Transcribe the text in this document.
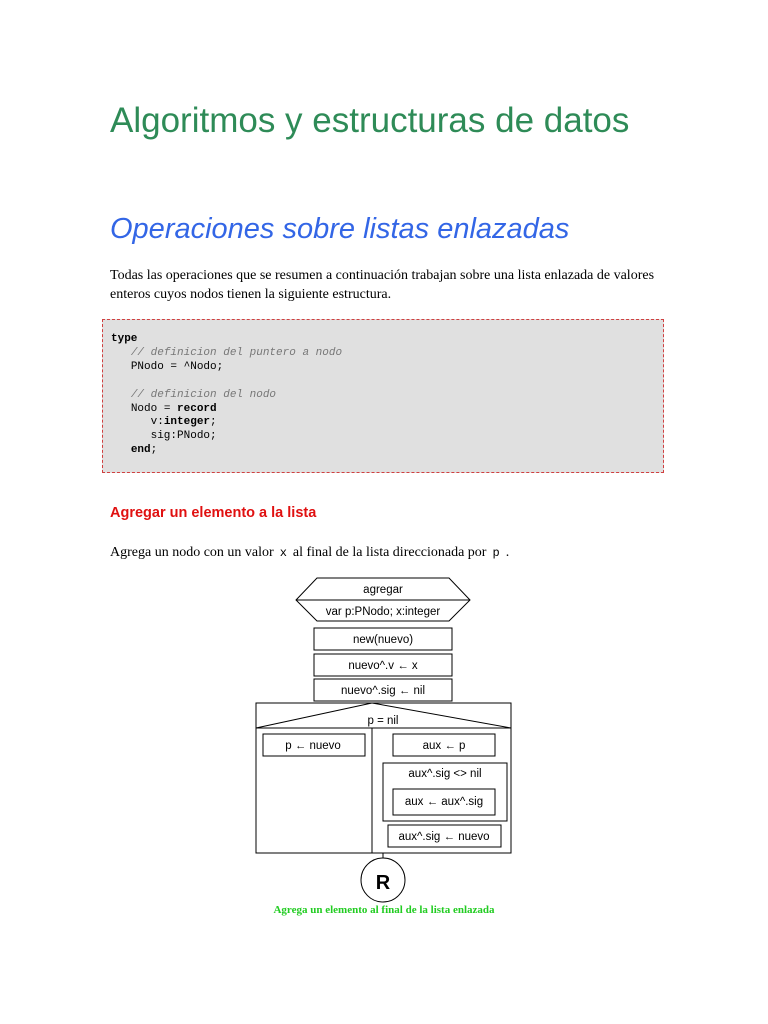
Algoritmos y estructuras de datos
Operaciones sobre listas enlazadas

Todas las operaciones que se resumen a continuación trabajan sobre una lista enlazada de valores enteros cuyos nodos tienen la siguiente estructura.

type
// definicion del puntero a nodo
PNodo = ^Nodo;

// definicion del nodo
Nodo = record
v:integer;
sig:PNodo;
end;
Agregar un elemento a la lista

Agrega un nodo con un valor x al final de la lista direccionada por p .

agregar
var p:PNodo; x:integer
new(nuevo)
nuevo^.v ← x
nuevo^.sig ← nil
p = nil
p ← nuevo	aux ← p
aux^.sig <> nil
aux ← aux^.sig
aux^.sig ← nuevo
R

Agrega un elemento al final de la lista enlazada
